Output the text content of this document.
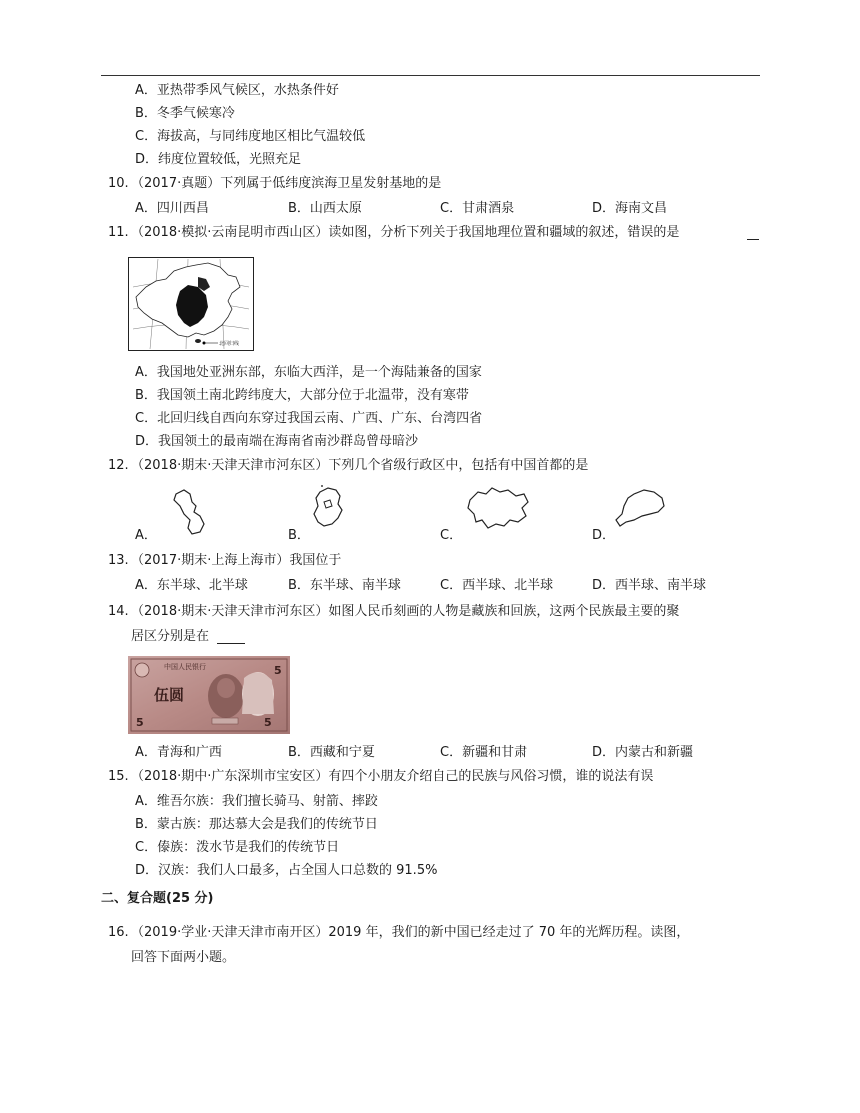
A．亚热带季风气候区，水热条件好
B．冬季气候寒冷
C．海拔高，与同纬度地区相比气温较低
D．纬度位置较低，光照充足
10. （2017·真题）下列属于低纬度滨海卫星发射基地的是
A．四川西昌	B．山西太原	C．甘肃酒泉	D．海南文昌
11. （2018·模拟·云南昆明市西山区）读如图，分析下列关于我国地理位置和疆域的叙述，错误的是
北回归线
A．我国地处亚洲东部，东临大西洋，是一个海陆兼备的国家
B．我国领土南北跨纬度大，大部分位于北温带，没有寒带
C．北回归线自西向东穿过我国云南、广西、广东、台湾四省
D．我国领土的最南端在海南省南沙群岛曾母暗沙
12. （2018·期末·天津天津市河东区）下列几个省级行政区中，包括有中国首都的是
A．	B．	C．	D．
13. （2017·期末·上海上海市）我国位于
A．东半球、北半球	B．东半球、南半球	C．西半球、北半球	D．西半球、南半球
14. （2018·期末·天津天津市河东区）如图人民币刻画的人物是藏族和回族，这两个民族最主要的聚
居区分别是在
中国人民银行
伍圆
5
5	5
A．青海和广西	B．西藏和宁夏	C．新疆和甘肃	D．内蒙古和新疆
15. （2018·期中·广东深圳市宝安区）有四个小朋友介绍自己的民族与风俗习惯，谁的说法有误
A．维吾尔族：我们擅长骑马、射箭、摔跤
B．蒙古族：那达慕大会是我们的传统节日
C．傣族：泼水节是我们的传统节日
D．汉族：我们人口最多，占全国人口总数的 91.5%
二、复合题(25 分)
16. （2019·学业·天津天津市南开区）2019 年，我们的新中国已经走过了 70 年的光辉历程。读图，
回答下面两小题。
